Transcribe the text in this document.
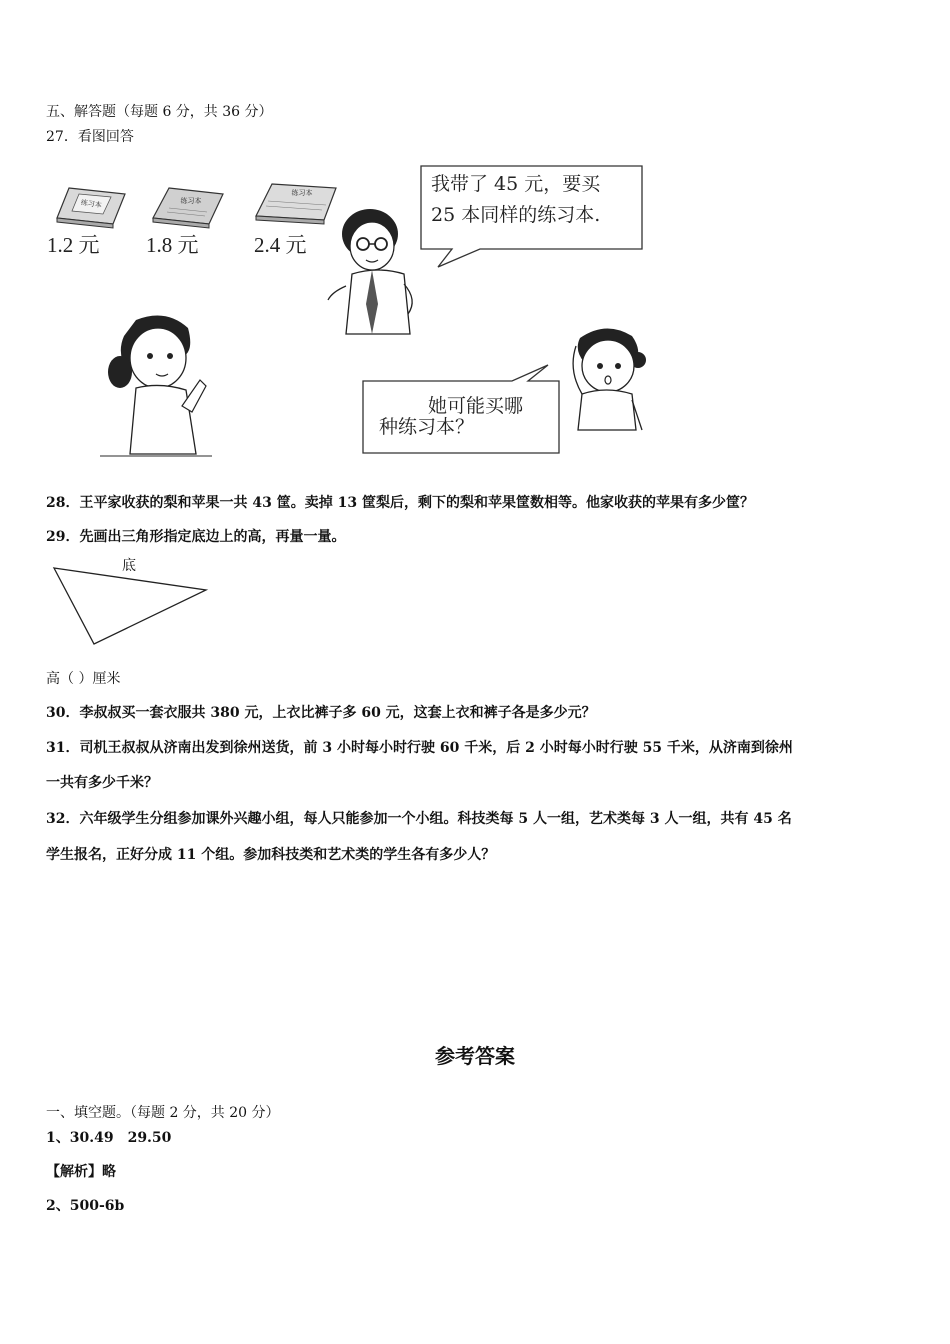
五、解答题（每题 6 分，共 36 分）
27．看图回答
练习本	练习本
练习本
1.2 元 1.8 元	2.4 元
我带了 45 元，要买
25 本同样的练习本.
她可能买哪
种练习本？
28．王平家收获的梨和苹果一共 43 筐。卖掉 13 筐梨后，剩下的梨和苹果筐数相等。他家收获的苹果有多少筐？
29．先画出三角形指定底边上的高，再量一量。
底
高（ ）厘米
30．李叔叔买一套衣服共 380 元，上衣比裤子多 60 元，这套上衣和裤子各是多少元？
31．司机王叔叔从济南出发到徐州送货，前 3 小时每小时行驶 60 千米，后 2 小时每小时行驶 55 千米，从济南到徐州
一共有多少千米？
32．六年级学生分组参加课外兴趣小组，每人只能参加一个小组。科技类每 5 人一组，艺术类每 3 人一组，共有 45 名
学生报名，正好分成 11 个组。参加科技类和艺术类的学生各有多少人？
参考答案
一、填空题。（每题 2 分，共 20 分）
1、30.49　29.50
【解析】略
2、500-6b
